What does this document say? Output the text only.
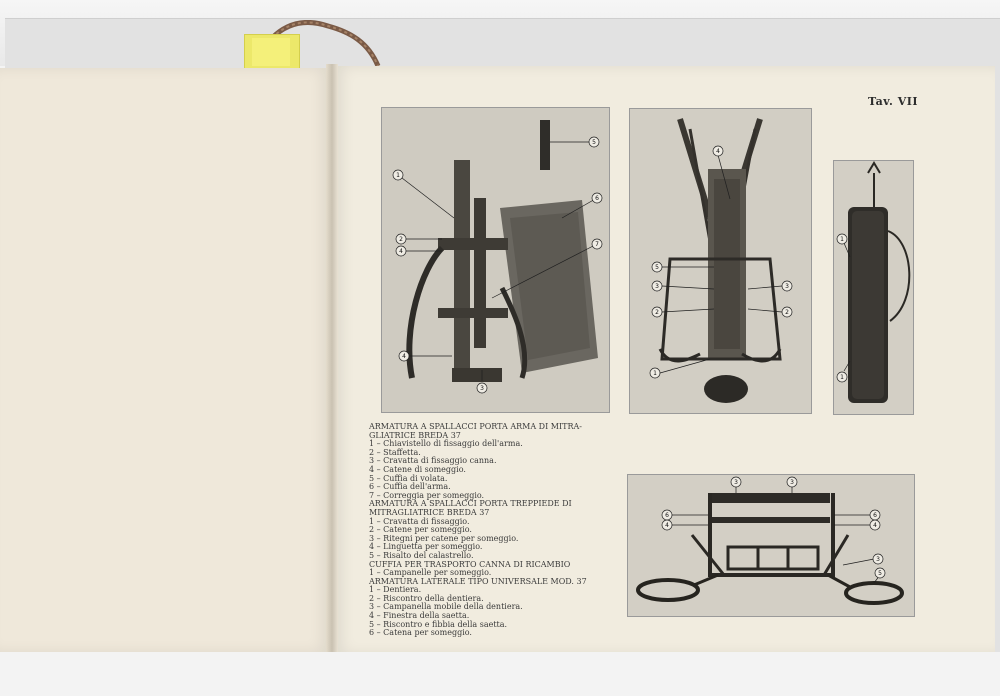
Tav. VII
5
1
2
4
6
7
4
3
4
5
3
2
3
2
1
1
1
3	3
6
4
6
4
3
5
ARMATURA A SPALLACCI PORTA ARMA DI MITRA-
GLIATRICE BREDA 37
1 – Chiavistello di fissaggio dell'arma.
2 – Staffetta.
3 – Cravatta di fissaggio canna.
4 – Catene di someggio.
5 – Cuffia di volata.
6 – Cuffia dell'arma.
7 – Correggia per someggio.
ARMATURA A SPALLACCI PORTA TREPPIEDE DI
MITRAGLIATRICE BREDA 37
1 – Cravatta di fissaggio.
2 – Catene per someggio.
3 – Ritegni per catene per someggio.
4 – Linguetta per someggio.
5 – Risalto del calastrello.
CUFFIA PER TRASPORTO CANNA DI RICAMBIO
1 – Campanelle per someggio.
ARMATURA LATERALE TIPO UNIVERSALE MOD. 37
1 – Dentiera.
2 – Riscontro della dentiera.
3 – Campanella mobile della dentiera.
4 – Finestra della saetta.
5 – Riscontro e fibbia della saetta.
6 – Catena per someggio.
